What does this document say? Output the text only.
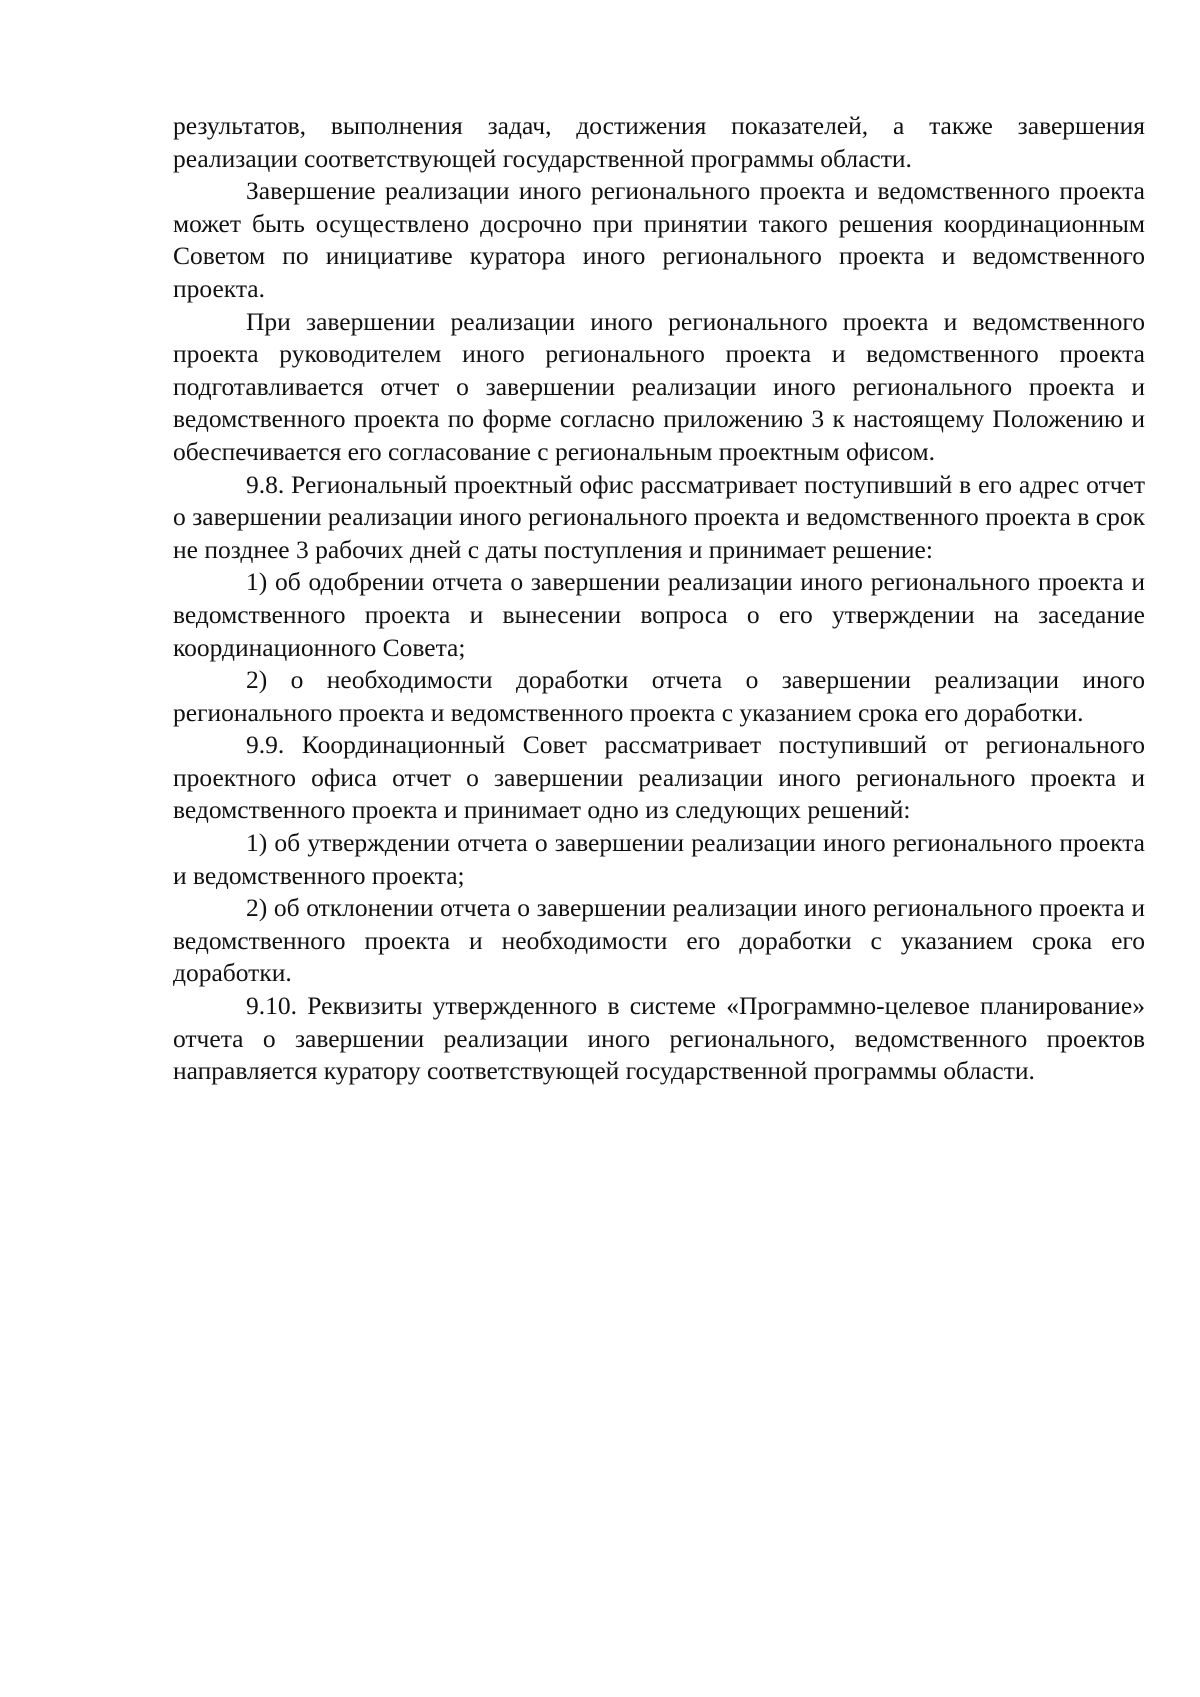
результатов, выполнения задач, достижения показателей, а также завершения реализации соответствующей государственной программы области.

Завершение реализации иного регионального проекта и ведомственного проекта может быть осуществлено досрочно при принятии такого решения координационным Советом по инициативе куратора иного регионального проекта и ведомственного проекта.

При завершении реализации иного регионального проекта и ведомственного проекта руководителем иного регионального проекта и ведомственного проекта подготавливается отчет о завершении реализации иного регионального проекта и ведомственного проекта по форме согласно приложению 3 к настоящему Положению и обеспечивается его согласование с региональным проектным офисом.

9.8. Региональный проектный офис рассматривает поступивший в его адрес отчет о завершении реализации иного регионального проекта и ведомственного проекта в срок не позднее 3 рабочих дней с даты поступления и принимает решение:

1) об одобрении отчета о завершении реализации иного регионального проекта и ведомственного проекта и вынесении вопроса о его утверждении на заседание координационного Совета;

2) о необходимости доработки отчета о завершении реализации иного регионального проекта и ведомственного проекта с указанием срока его доработки.

9.9. Координационный Совет рассматривает поступивший от регионального проектного офиса отчет о завершении реализации иного регионального проекта и ведомственного проекта и принимает одно из следующих решений:

1) об утверждении отчета о завершении реализации иного регионального проекта и ведомственного проекта;

2) об отклонении отчета о завершении реализации иного регионального проекта и ведомственного проекта и необходимости его доработки с указанием срока его доработки.

9.10. Реквизиты утвержденного в системе «Программно-целевое планирование» отчета о завершении реализации иного регионального, ведомственного проектов направляется куратору соответствующей государственной программы области.
